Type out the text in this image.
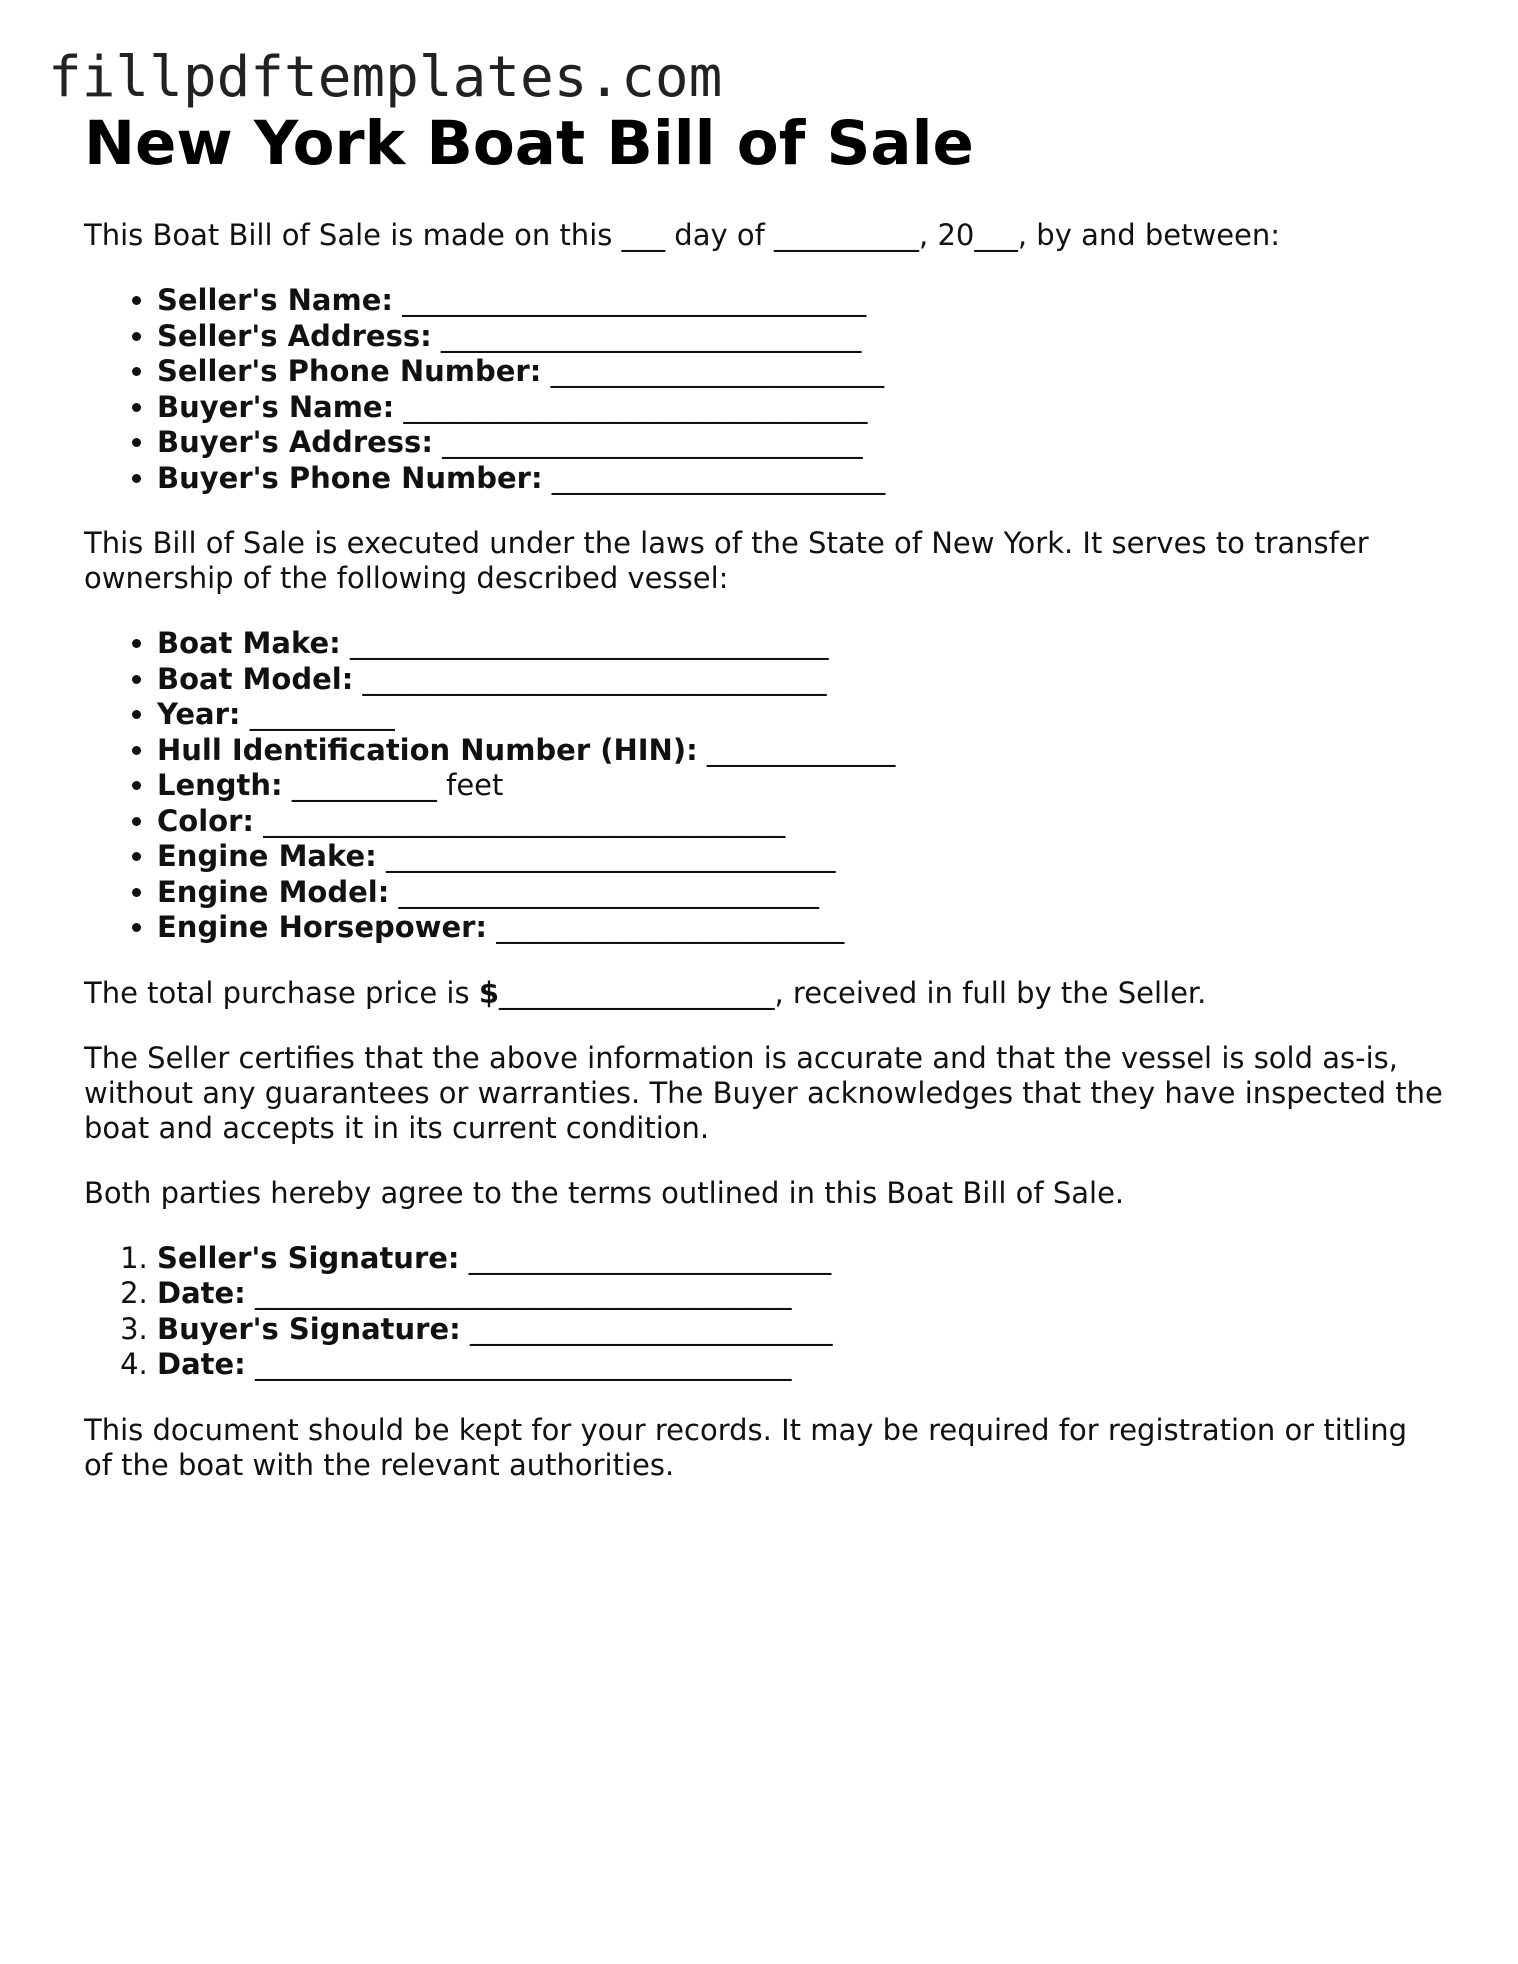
fillpdftemplates.com
New York Boat Bill of Sale

This Boat Bill of Sale is made on this ___ day of __________, 20___, by and between:

• Seller's Name: ________________________________
• Seller's Address: _____________________________
• Seller's Phone Number: _______________________
• Buyer's Name: ________________________________
• Buyer's Address: _____________________________
• Buyer's Phone Number: _______________________

This Bill of Sale is executed under the laws of the State of New York. It serves to transfer ownership of the following described vessel:

• Boat Make: _________________________________
• Boat Model: ________________________________
• Year: __________
• Hull Identification Number (HIN): _____________
• Length: __________ feet
• Color: ____________________________________
• Engine Make: _______________________________
• Engine Model: _____________________________
• Engine Horsepower: ________________________

The total purchase price is $___________________, received in full by the Seller.

The Seller certifies that the above information is accurate and that the vessel is sold as-is, without any guarantees or warranties. The Buyer acknowledges that they have inspected the boat and accepts it in its current condition.

Both parties hereby agree to the terms outlined in this Boat Bill of Sale.

1. Seller's Signature: _________________________
2. Date: _____________________________________
3. Buyer's Signature: _________________________
4. Date: _____________________________________

This document should be kept for your records. It may be required for registration or titling of the boat with the relevant authorities.
